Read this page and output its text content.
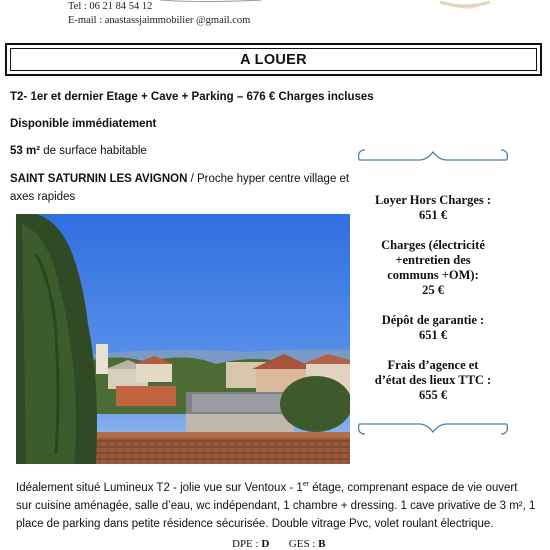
Tel : 06 21 84 54 12
E-mail : anastassjaimmobilier @gmail.com
A LOUER
T2- 1er et dernier Etage + Cave + Parking – 676 € Charges incluses
Disponible immédiatement
53 m² de surface habitable
SAINT SATURNIN LES AVIGNON / Proche hyper centre village et axes rapides	Loyer Hors Charges :
651 €
Charges (électricité
+entretien des
communs +OM):
25 €
Dépôt de garantie :
651 €
Frais d’agence et
d’état des lieux TTC :
655 €
Idéalement situé Lumineux T2 - jolie vue sur Ventoux - 1er étage, comprenant espace de vie ouvert sur cuisine aménagée, salle d’eau, wc indépendant, 1 chambre + dressing. 1 cave privative de 3 m², 1 place de parking dans petite résidence sécurisée. Double vitrage Pvc, volet roulant électrique.
DPE : D GES : B
